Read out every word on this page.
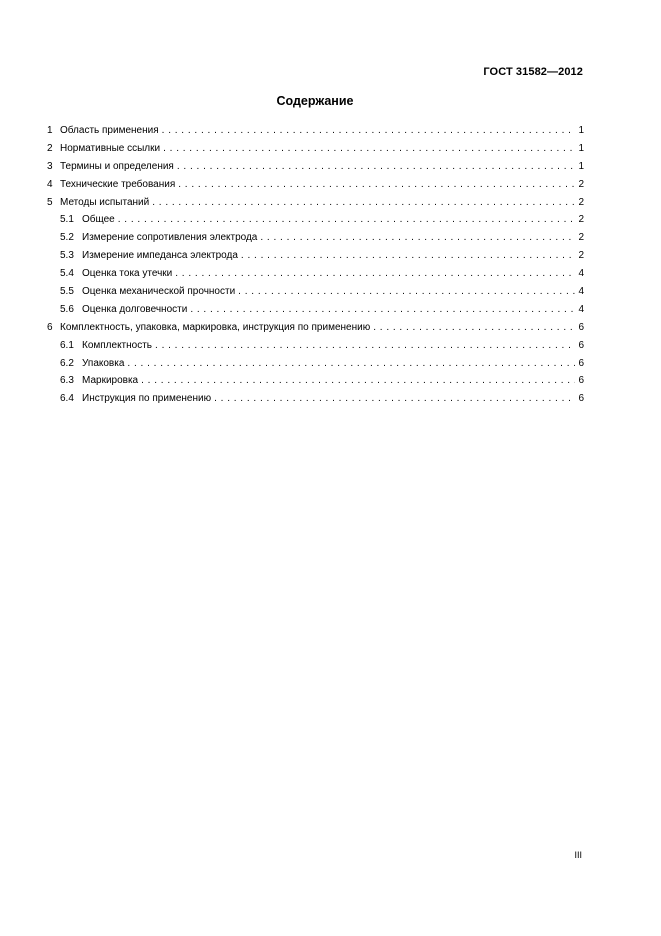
ГОСТ 31582—2012
Содержание
1 Область применения . . .	1
2 Нормативные ссылки . . .	1
3 Термины и определения . . .	1
4 Технические требования . . .	2
5 Методы испытаний . . .	2
5.1 Общее . . .	2
5.2 Измерение сопротивления электрода . . .	2
5.3 Измерение импеданса электрода . . .	2
5.4 Оценка тока утечки . . .	4
5.5 Оценка механической прочности . . .	4
5.6 Оценка долговечности . . .	4
6 Комплектность, упаковка, маркировка, инструкция по применению . . .	6
6.1 Комплектность . . .	6
6.2 Упаковка . . .	6
6.3 Маркировка . . .	6
6.4 Инструкция по применению . . .	6
III
